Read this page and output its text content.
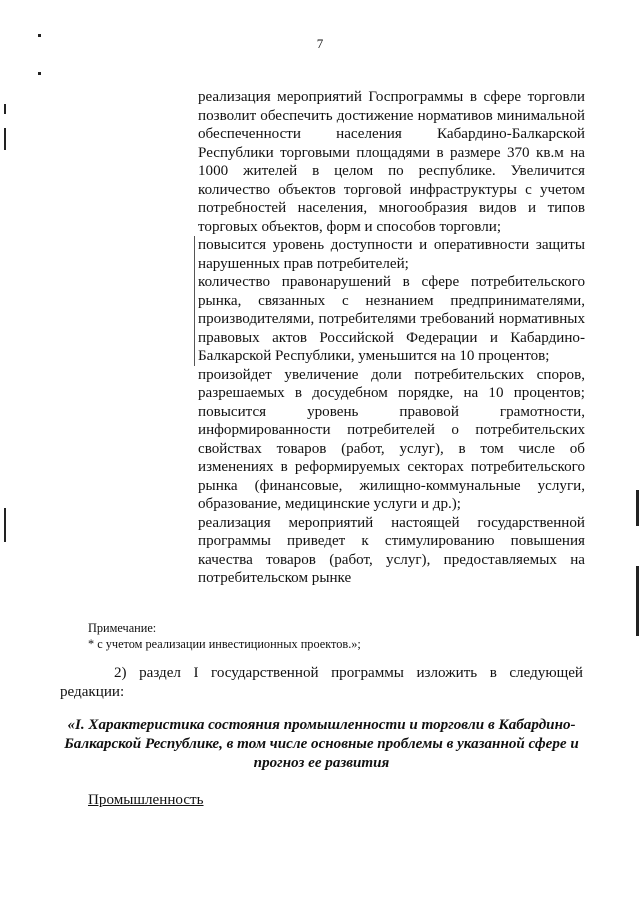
7

реализация мероприятий Госпрограммы в сфере торговли позволит обеспечить достижение нормативов минимальной обеспеченности населения Кабардино-Балкарской Республики торговыми площадями в размере 370 кв.м на 1000 жителей в целом по республике. Увеличится количество объектов торговой инфраструктуры с учетом потребностей населения, многообразия видов и типов торговых объектов, форм и способов торговли;

повысится уровень доступности и оперативности защиты нарушенных прав потребителей;

количество правонарушений в сфере потребительского рынка, связанных с незнанием предпринимателями, производителями, потребителями требований нормативных правовых актов Российской Федерации и Кабардино-Балкарской Республики, уменьшится на 10 процентов;

произойдет увеличение доли потребительских споров, разрешаемых в досудебном порядке, на 10 процентов; повысится уровень правовой грамотности, информированности потребителей о потребительских свойствах товаров (работ, услуг), в том числе об изменениях в реформируемых секторах потребительского рынка (финансовые, жилищно-коммунальные услуги, образование, медицинские услуги и др.);

реализация мероприятий настоящей государственной программы приведет к стимулированию повышения качества товаров (работ, услуг), предоставляемых на потребительском рынке

Примечание:
* с учетом реализации инвестиционных проектов.»;
2) раздел I государственной программы изложить в следующей редакции:
«I. Характеристика состояния промышленности и торговли в Кабардино-Балкарской Республике, в том числе основные проблемы в указанной сфере и прогноз ее развития
Промышленность
